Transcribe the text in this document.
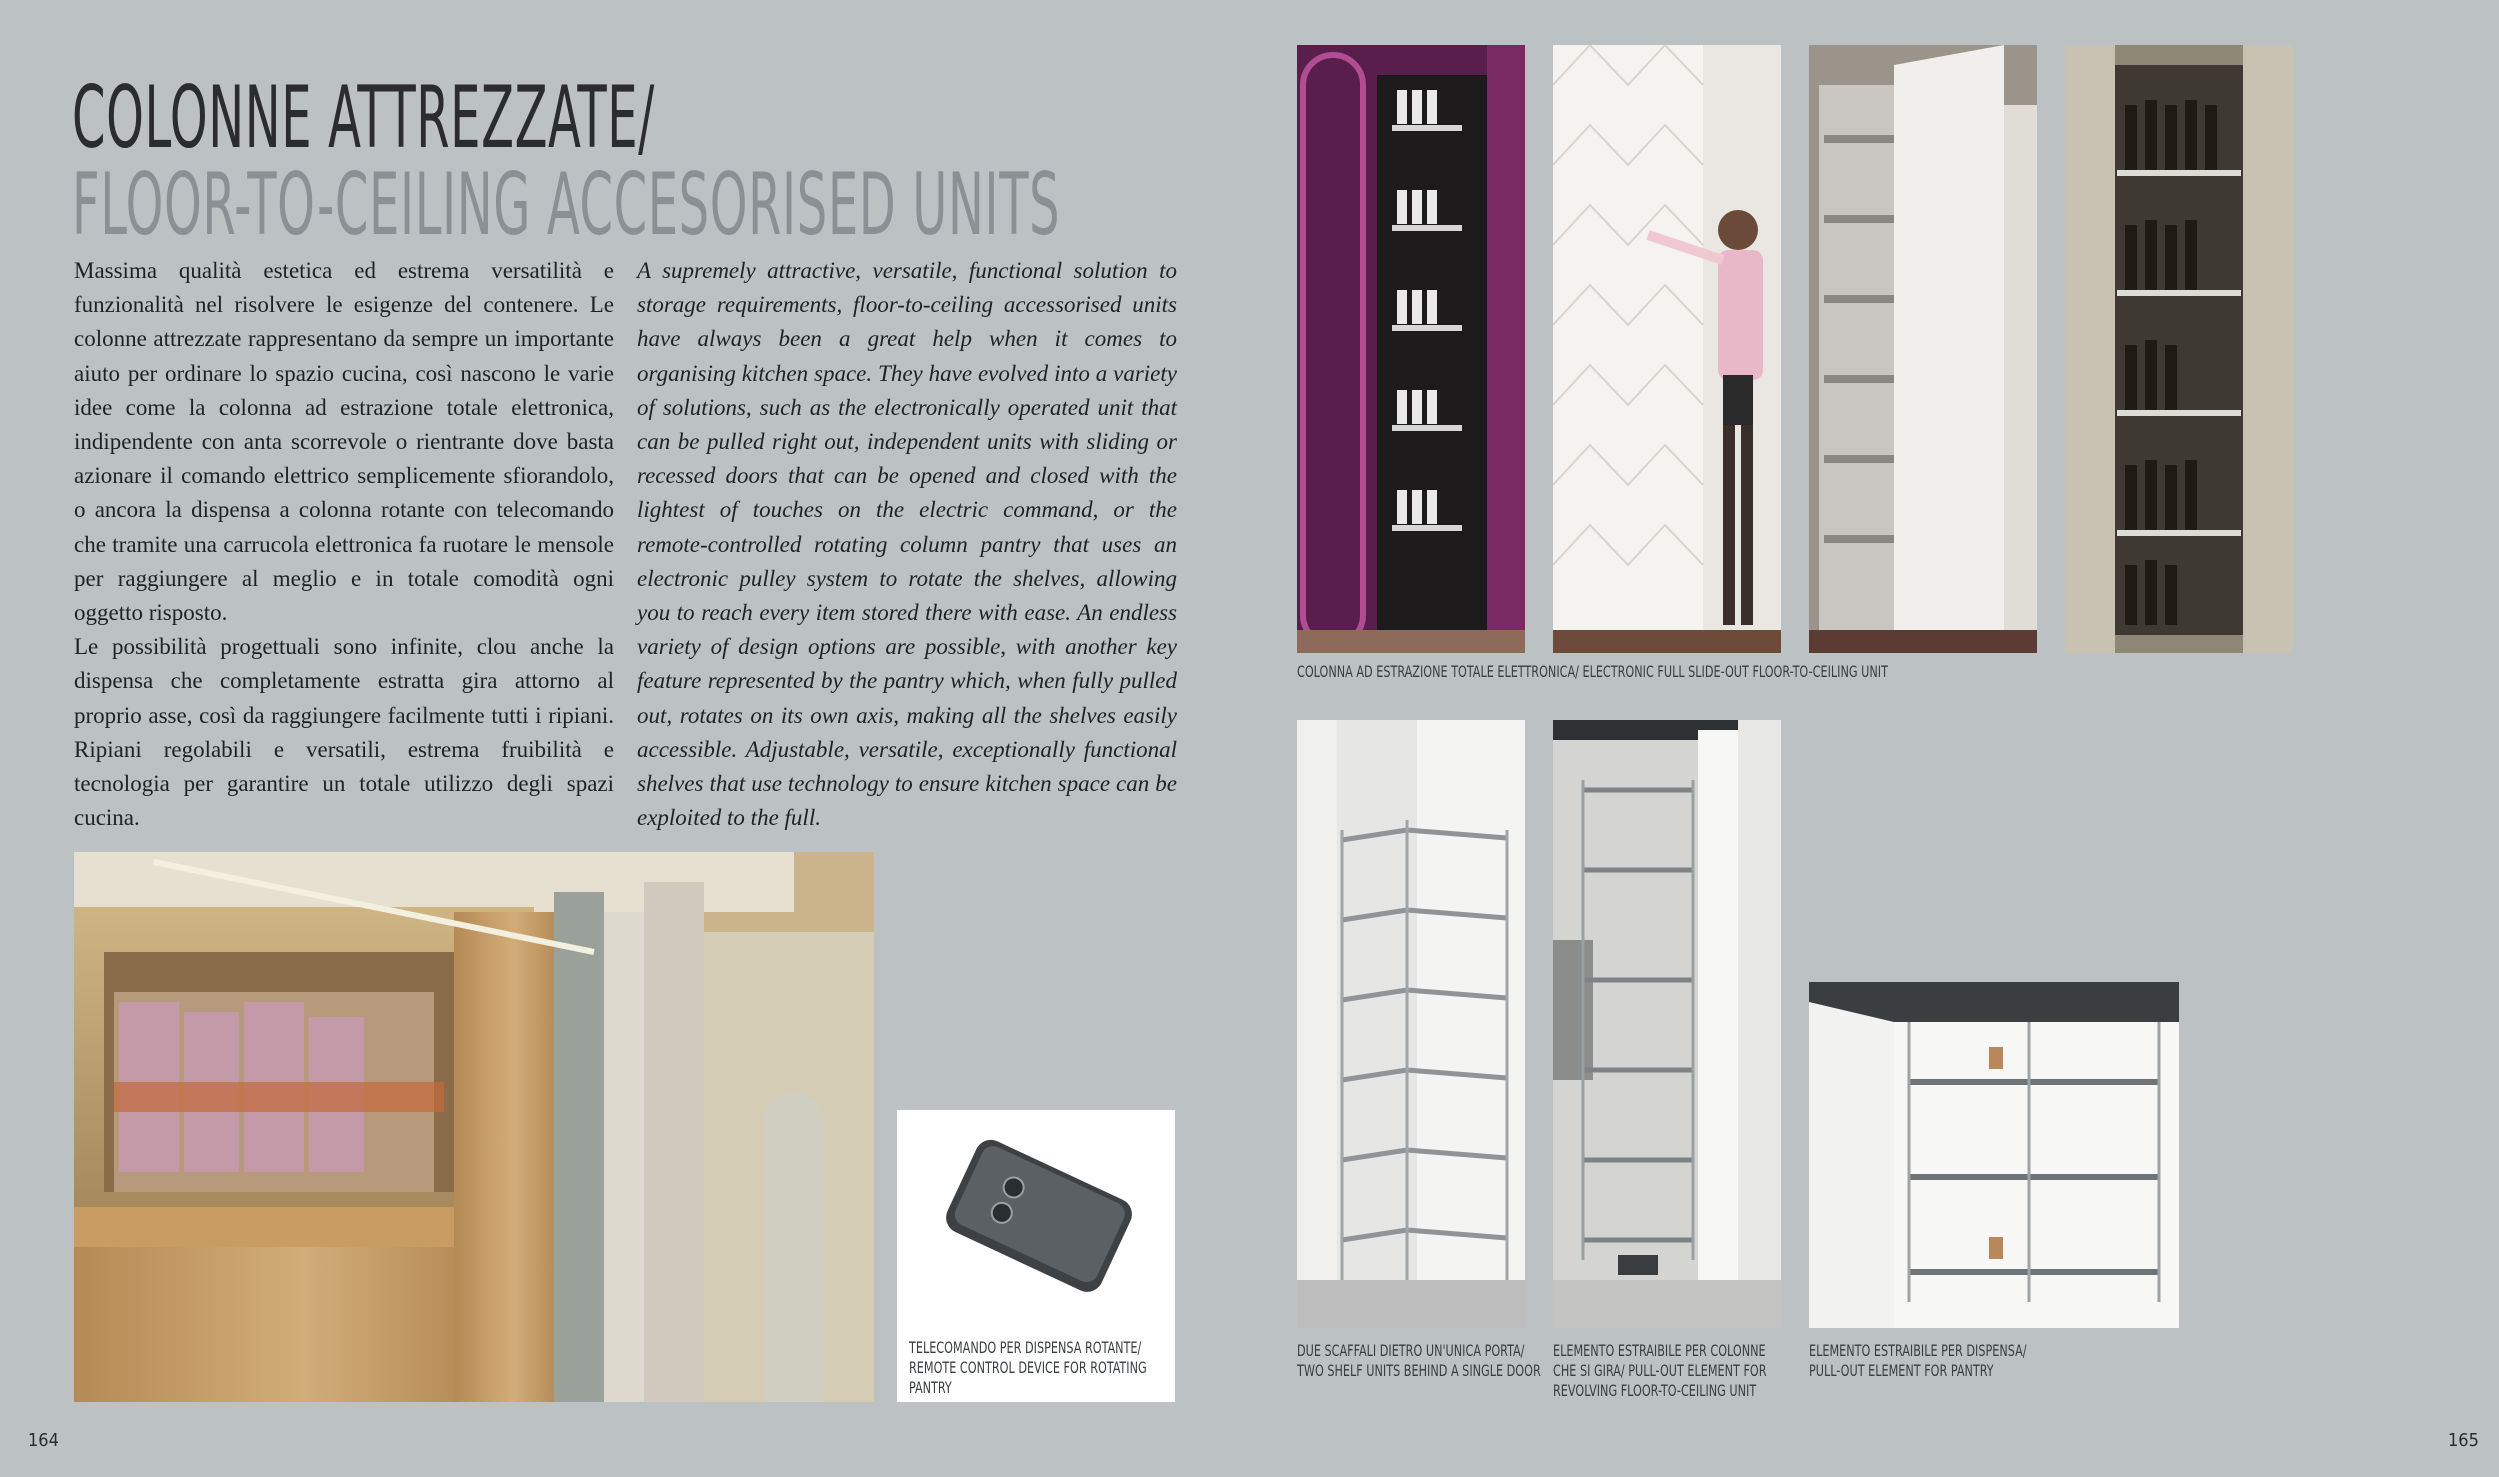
COLONNE ATTREZZATE/
FLOOR-TO-CEILING ACCESORISED UNITS

Massima qualità estetica ed estrema versatilità e funzionalità nel risolvere le esigenze del contenere. Le colonne attrezzate rappresentano da sempre un importante aiuto per ordinare lo spazio cucina, così nascono le varie idee come la colonna ad estrazione totale elettronica, indipendente con anta scorrevole o rientrante dove basta azionare il comando elettrico semplicemente sfiorandolo, o ancora la dispensa a colonna rotante con telecomando che tramite una carrucola elettronica fa ruotare le mensole per raggiungere al meglio e in totale comodità ogni oggetto risposto.

Le possibilità progettuali sono infinite, clou anche la dispensa che completamente estratta gira attorno al proprio asse, così da raggiungere facilmente tutti i ripiani. Ripiani regolabili e versatili, estrema fruibilità e tecnologia per garantire un totale utilizzo degli spazi cucina.

A supremely attractive, versatile, functional solution to storage requirements, floor-to-ceiling accessorised units have always been a great help when it comes to organising kitchen space. They have evolved into a variety of solutions, such as the electronically operated unit that can be pulled right out, independent units with sliding or recessed doors that can be opened and closed with the lightest of touches on the electric command, or the remote-controlled rotating column pantry that uses an electronic pulley system to rotate the shelves, allowing you to reach every item stored there with ease. An endless variety of design options are possible, with another key feature represented by the pantry which, when fully pulled out, rotates on its own axis, making all the shelves easily accessible. Adjustable, versatile, exceptionally functional shelves that use technology to ensure kitchen space can be exploited to the full.

TELECOMANDO PER DISPENSA ROTANTE/
REMOTE CONTROL DEVICE FOR ROTATING
PANTRY
COLONNA AD ESTRAZIONE TOTALE ELETTRONICA/ ELECTRONIC FULL SLIDE-OUT FLOOR-TO-CEILING UNIT
DUE SCAFFALI DIETRO UN'UNICA PORTA/
TWO SHELF UNITS BEHIND A SINGLE DOOR
ELEMENTO ESTRAIBILE PER COLONNE
CHE SI GIRA/ PULL-OUT ELEMENT FOR
REVOLVING FLOOR-TO-CEILING UNIT
ELEMENTO ESTRAIBILE PER DISPENSA/
PULL-OUT ELEMENT FOR PANTRY
164	165
